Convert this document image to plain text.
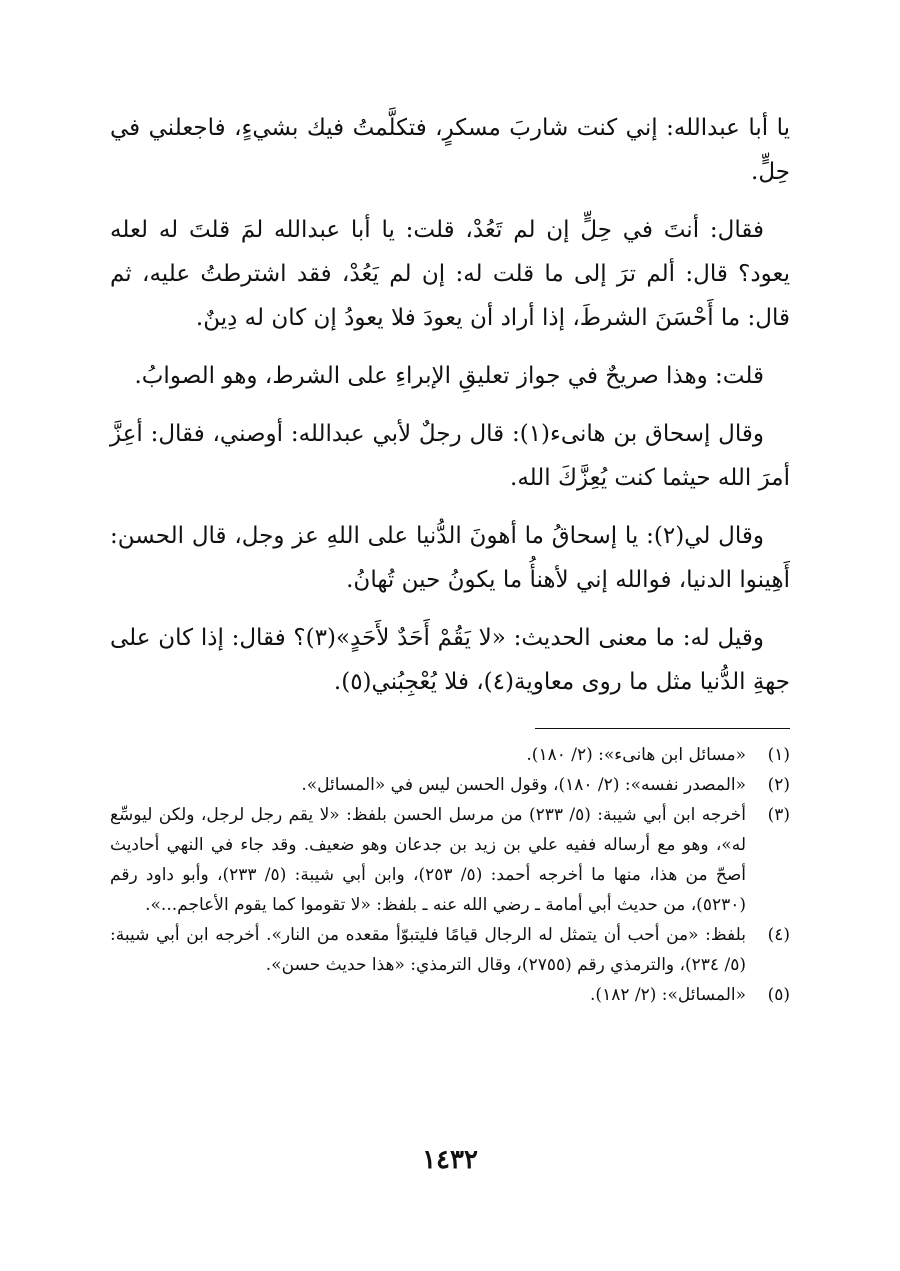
يا أبا عبدالله: إني كنت شاربَ مسكرٍ، فتكلَّمتُ فيك بشيءٍ، فاجعلني في حِلٍّ.

فقال: أنتَ في حِلٍّ إن لم تَعُدْ، قلت: يا أبا عبدالله لمَ قلتَ له لعله يعود؟ قال: ألم ترَ إلى ما قلت له: إن لم يَعُدْ، فقد اشترطتُ عليه، ثم قال: ما أَحْسَنَ الشرطَ، إذا أراد أن يعودَ فلا يعودُ إن كان له دِينٌ.

قلت: وهذا صريحٌ في جواز تعليقِ الإبراءِ على الشرط، وهو الصوابُ.

وقال إسحاق بن هانىء(١): قال رجلٌ لأبي عبدالله: أوصني، فقال: أعِزَّ أمرَ الله حيثما كنت يُعِزَّكَ الله.

وقال لي(٢): يا إسحاقُ ما أهونَ الدُّنيا على اللهِ عز وجل، قال الحسن: أَهِينوا الدنيا، فوالله إني لأهنأُ ما يكونُ حين تُهانُ.

وقيل له: ما معنى الحديث: «لا يَقُمْ أَحَدٌ لأَحَدٍ»(٣)؟ فقال: إذا كان على جهةِ الدُّنيا مثل ما روى معاوية(٤)، فلا يُعْجِبُني(٥).

(١)
«مسائل ابن هانىء»: (٢/ ١٨٠).
(٢)
«المصدر نفسه»: (٢/ ١٨٠)، وقول الحسن ليس في «المسائل».
(٣)
أخرجه ابن أبي شيبة: (٥/ ٢٣٣) من مرسل الحسن بلفظ: «لا يقم رجل لرجل، ولكن ليوسِّع له»، وهو مع أرساله ففيه علي بن زيد بن جدعان وهو ضعيف. وقد جاء في النهي أحاديث أصحّ من هذا، منها ما أخرجه أحمد: (٥/ ٢٥٣)، وابن أبي شيبة: (٥/ ٢٣٣)، وأبو داود رقم (٥٢٣٠)، من حديث أبي أمامة ـ رضي الله عنه ـ بلفظ: «لا تقوموا كما يقوم الأعاجم...».
(٤)
بلفظ: «من أحب أن يتمثل له الرجال قيامًا فليتبوّأ مقعده من النار». أخرجه ابن أبي شيبة: (٥/ ٢٣٤)، والترمذي رقم (٢٧٥٥)، وقال الترمذي: «هذا حديث حسن».
(٥)
«المسائل»: (٢/ ١٨٢).
١٤٣٢
